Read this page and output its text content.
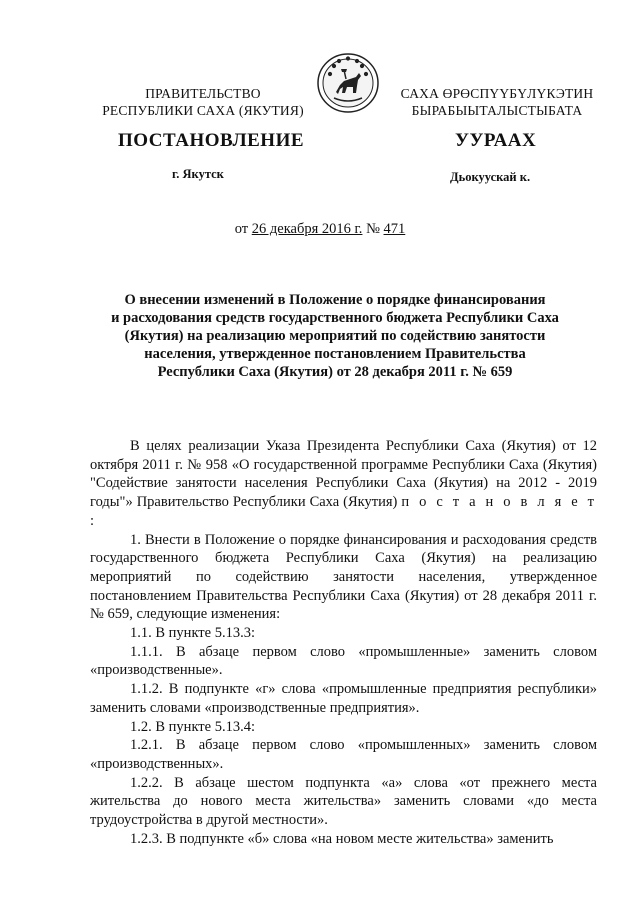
ПРАВИТЕЛЬСТВО
РЕСПУБЛИКИ САХА (ЯКУТИЯ)
САХА ӨРӨСПҮҮБҮЛҮКЭТИН
БЫРАБЫЫТАЛЫСТЫБАТА
ПОСТАНОВЛЕНИЕ	УУРААХ
г. Якутск	Дьокуускай к.
от 26 декабря 2016 г. № 471
О внесении изменений в Положение о порядке финансирования
и расходования средств государственного бюджета Республики Саха
(Якутия) на реализацию мероприятий по содействию занятости
населения, утвержденное постановлением Правительства
Республики Саха (Якутия) от 28 декабря 2011 г. № 659

В целях реализации Указа Президента Республики Саха (Якутия) от 12 октября 2011 г. № 958 «О государственной программе Республики Саха (Якутия) "Содействие занятости населения Республики Саха (Якутия) на 2012 - 2019 годы"» Правительство Республики Саха (Якутия) п о с т а н о в л я е т :

1. Внести в Положение о порядке финансирования и расходования средств государственного бюджета Республики Саха (Якутия) на реализацию мероприятий по содействию занятости населения, утвержденное постановлением Правительства Республики Саха (Якутия) от 28 декабря 2011 г. № 659, следующие изменения:

1.1. В пункте 5.13.3:

1.1.1. В абзаце первом слово «промышленные» заменить словом «производственные».

1.1.2. В подпункте «г» слова «промышленные предприятия республики» заменить словами «производственные предприятия».

1.2. В пункте 5.13.4:

1.2.1. В абзаце первом слово «промышленных» заменить словом «производственных».

1.2.2. В абзаце шестом подпункта «а» слова «от прежнего места жительства до нового места жительства» заменить словами «до места трудоустройства в другой местности».

1.2.3. В подпункте «б» слова «на новом месте жительства» заменить
